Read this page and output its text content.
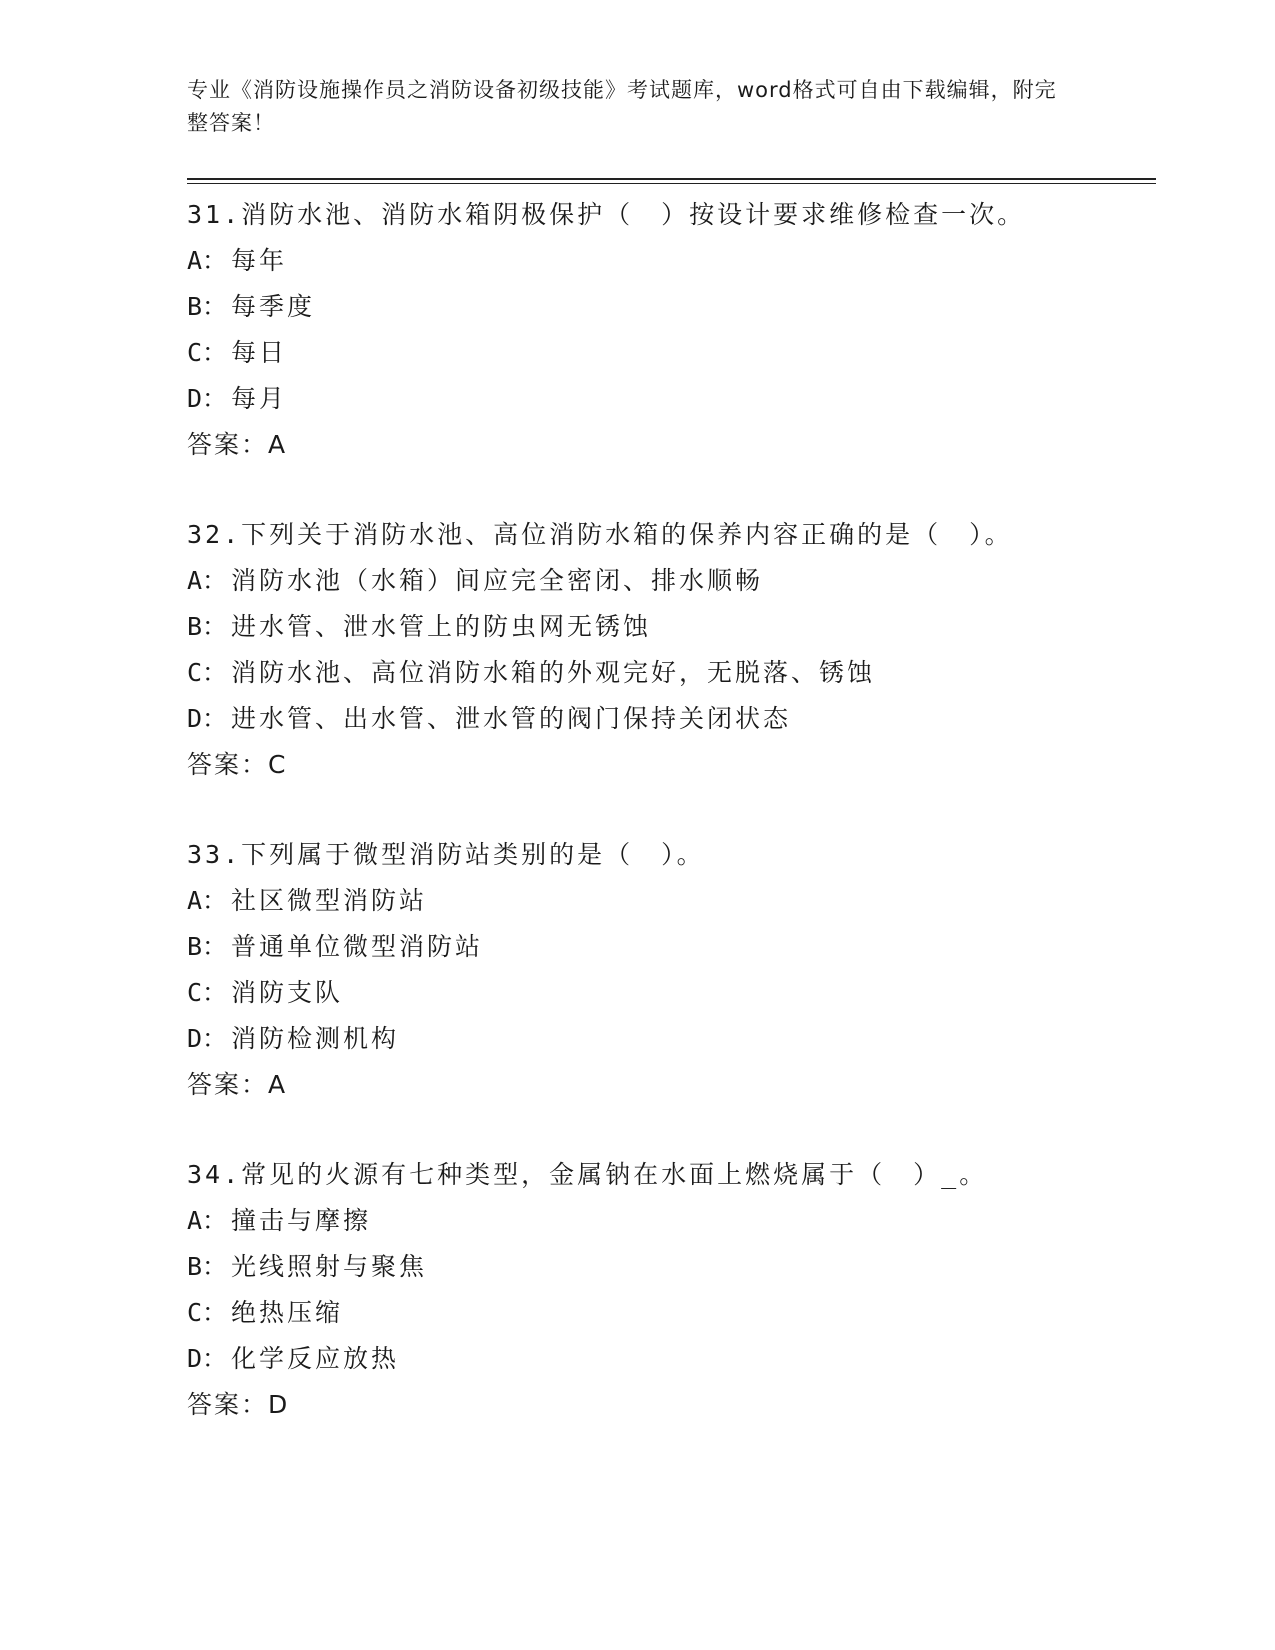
专业《消防设施操作员之消防设备初级技能》考试题库，word格式可自由下载编辑，附完整答案！
31.消防水池、消防水箱阴极保护（　）按设计要求维修检查一次。
A： 每年
B： 每季度
C： 每日
D： 每月
答案：A
32.下列关于消防水池、高位消防水箱的保养内容正确的是（　）。
A： 消防水池（水箱）间应完全密闭、排水顺畅
B： 进水管、泄水管上的防虫网无锈蚀
C： 消防水池、高位消防水箱的外观完好，无脱落、锈蚀
D： 进水管、出水管、泄水管的阀门保持关闭状态
答案：C
33.下列属于微型消防站类别的是（　）。
A： 社区微型消防站
B： 普通单位微型消防站
C： 消防支队
D： 消防检测机构
答案：A
34.常见的火源有七种类型，金属钠在水面上燃烧属于（　）_。
A： 撞击与摩擦
B： 光线照射与聚焦
C： 绝热压缩
D： 化学反应放热
答案：D
